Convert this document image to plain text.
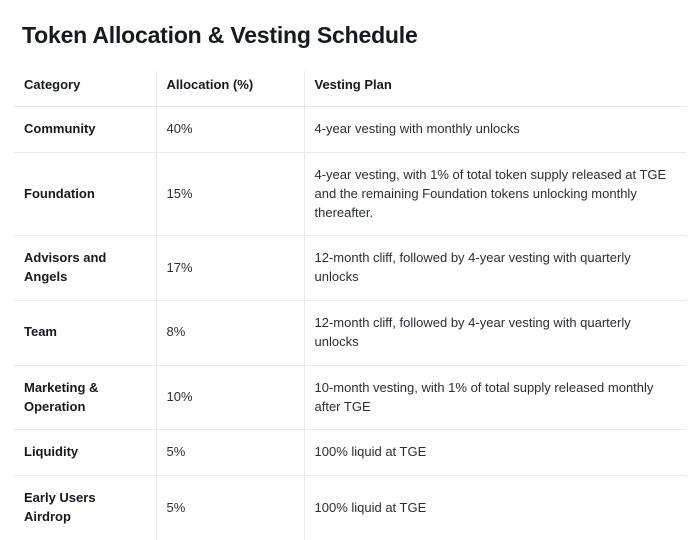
Token Allocation & Vesting Schedule
Category	Allocation (%)	Vesting Plan
Community	40%	4-year vesting with monthly unlocks
Foundation	15%	4-year vesting, with 1% of total token supply released at TGE and the remaining Foundation tokens unlocking monthly thereafter.
Advisors and Angels	17%	12-month cliff, followed by 4-year vesting with quarterly unlocks
Team	8%	12-month cliff, followed by 4-year vesting with quarterly unlocks
Marketing & Operation	10%	10-month vesting, with 1% of total supply released monthly after TGE
Liquidity	5%	100% liquid at TGE
Early Users Airdrop	5%	100% liquid at TGE
